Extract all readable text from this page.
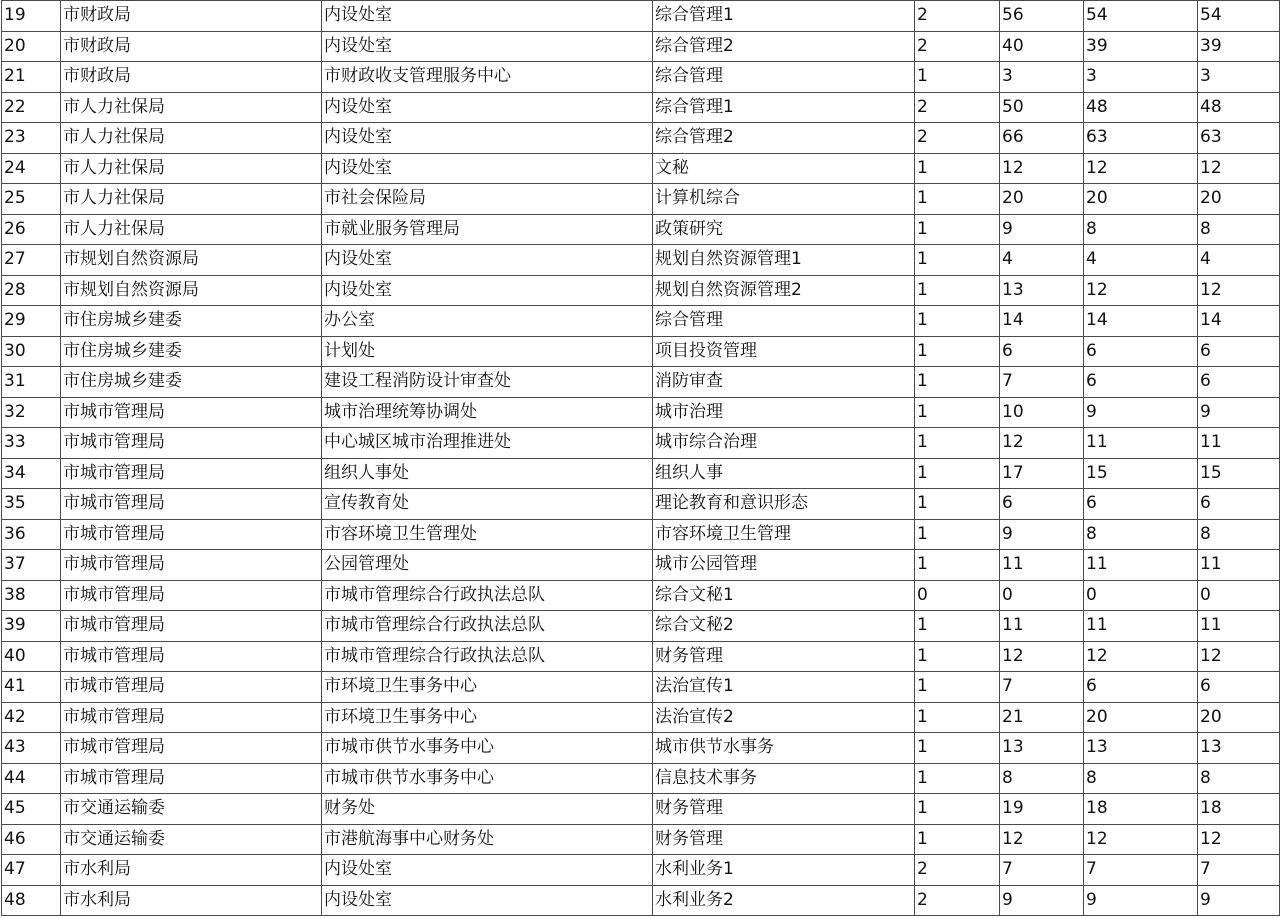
19	市财政局	内设处室	综合管理1	2	56	54	54
20	市财政局	内设处室	综合管理2	2	40	39	39
21	市财政局	市财政收支管理服务中心	综合管理	1	3	3	3
22	市人力社保局	内设处室	综合管理1	2	50	48	48
23	市人力社保局	内设处室	综合管理2	2	66	63	63
24	市人力社保局	内设处室	文秘	1	12	12	12
25	市人力社保局	市社会保险局	计算机综合	1	20	20	20
26	市人力社保局	市就业服务管理局	政策研究	1	9	8	8
27	市规划自然资源局	内设处室	规划自然资源管理1	1	4	4	4
28	市规划自然资源局	内设处室	规划自然资源管理2	1	13	12	12
29	市住房城乡建委	办公室	综合管理	1	14	14	14
30	市住房城乡建委	计划处	项目投资管理	1	6	6	6
31	市住房城乡建委	建设工程消防设计审查处	消防审查	1	7	6	6
32	市城市管理局	城市治理统筹协调处	城市治理	1	10	9	9
33	市城市管理局	中心城区城市治理推进处	城市综合治理	1	12	11	11
34	市城市管理局	组织人事处	组织人事	1	17	15	15
35	市城市管理局	宣传教育处	理论教育和意识形态	1	6	6	6
36	市城市管理局	市容环境卫生管理处	市容环境卫生管理	1	9	8	8
37	市城市管理局	公园管理处	城市公园管理	1	11	11	11
38	市城市管理局	市城市管理综合行政执法总队	综合文秘1	0	0	0	0
39	市城市管理局	市城市管理综合行政执法总队	综合文秘2	1	11	11	11
40	市城市管理局	市城市管理综合行政执法总队	财务管理	1	12	12	12
41	市城市管理局	市环境卫生事务中心	法治宣传1	1	7	6	6
42	市城市管理局	市环境卫生事务中心	法治宣传2	1	21	20	20
43	市城市管理局	市城市供节水事务中心	城市供节水事务	1	13	13	13
44	市城市管理局	市城市供节水事务中心	信息技术事务	1	8	8	8
45	市交通运输委	财务处	财务管理	1	19	18	18
46	市交通运输委	市港航海事中心财务处	财务管理	1	12	12	12
47	市水利局	内设处室	水利业务1	2	7	7	7
48	市水利局	内设处室	水利业务2	2	9	9	9
